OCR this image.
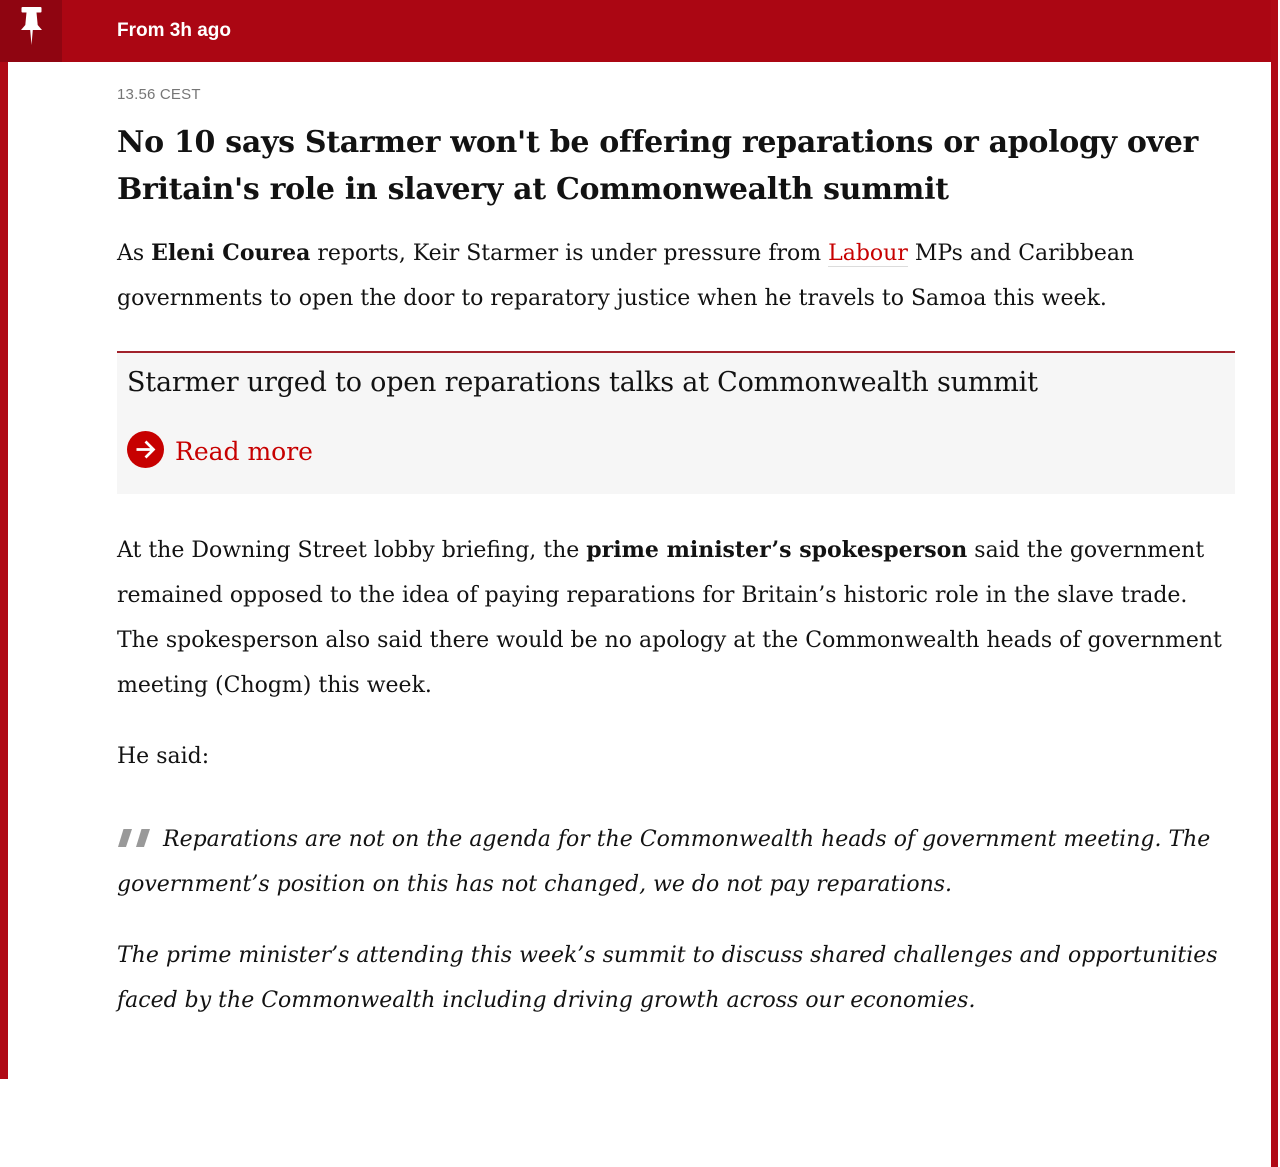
From 3h ago
13.56 CEST
No 10 says Starmer won't be offering reparations or apology over Britain's role in slavery at Commonwealth summit

As Eleni Courea reports, Keir Starmer is under pressure from Labour MPs and Caribbean governments to open the door to reparatory justice when he travels to Samoa this week.

Starmer urged to open reparations talks at Commonwealth summit
Read more

At the Downing Street lobby briefing, the prime minister’s spokesperson said the government remained opposed to the idea of paying reparations for Britain’s historic role in the slave trade. The spokesperson also said there would be no apology at the Commonwealth heads of government meeting (Chogm) this week.

He said:

Reparations are not on the agenda for the Commonwealth heads of government meeting. The government’s position on this has not changed, we do not pay reparations.

The prime minister’s attending this week’s summit to discuss shared challenges and opportunities faced by the Commonwealth including driving growth across our economies.
